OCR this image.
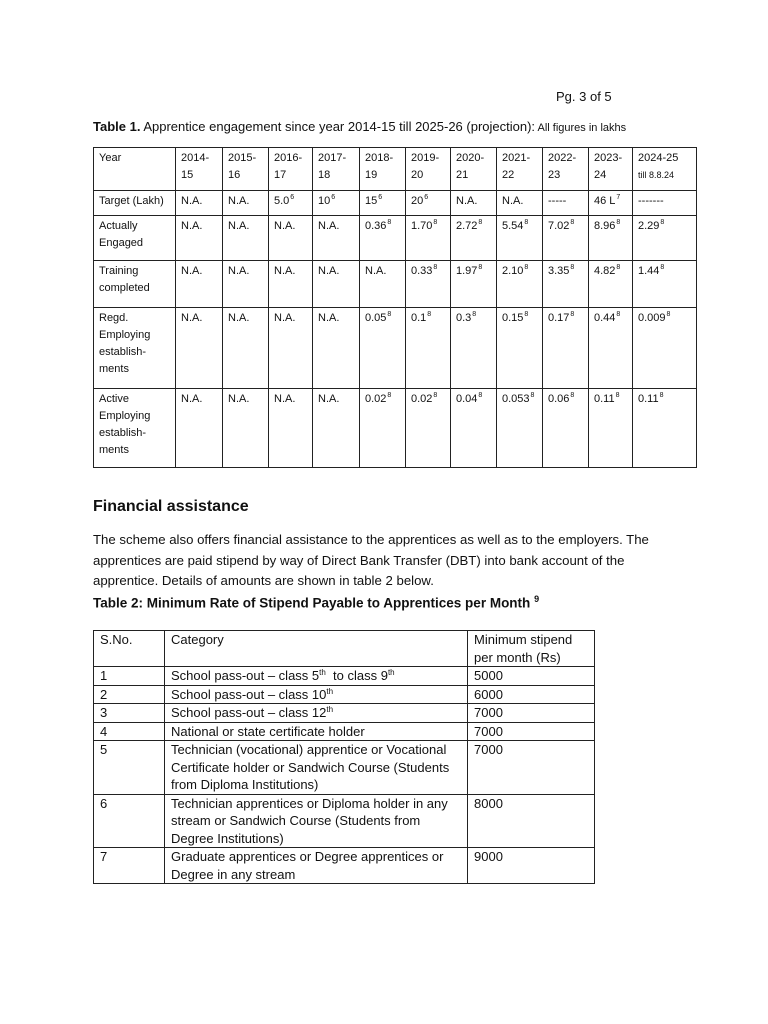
Pg. 3 of 5
Table 1. Apprentice engagement since year 2014-15 till 2025-26 (projection): All figures in lakhs
Year	2014-15	2015-16	2016-17	2017-18	2018-19	2019-20	2020-21	2021-22	2022-23	2023-24	2024-25
till 8.8.24
Target (Lakh)	N.A.	N.A.	$5.0^6$	$10^6$	$15^6$	$20^6$	N.A.	N.A.	-----	46 $L^7$	-------
Actually Engaged	N.A.	N.A.	N.A.	N.A.	0.36$^8$	1.70$^8$	2.72$^8$	5.54$^8$	7.02$^8$	8.96$^8$	2.29$^8$
Training completed	N.A.	N.A.	N.A.	N.A.	N.A.	0.33$^8$	1.97$^8$	2.10$^8$	3.35$^8$	4.82$^8$	1.44$^8$
Regd. Employing establish-ments	N.A.	N.A.	N.A.	N.A.	0.05$^8$	$0.1^8$	$0.3^8$	0.15$^8$	0.17$^8$	0.44$^8$	0.009$^8$
Active Employing establish-ments	N.A.	N.A.	N.A.	N.A.	0.02$^8$	0.02$^8$	0.04$^8$	0.053$^8$	0.06$^8$	0.11$^8$	0.11$^8$
Financial assistance
The scheme also offers financial assistance to the apprentices as well as to the employers. The apprentices are paid stipend by way of Direct Bank Transfer (DBT) into bank account of the apprentice. Details of amounts are shown in table 2 below.
Table 2: Minimum Rate of Stipend Payable to Apprentices per Month $^9$
S.No.	Category	Minimum stipend per month (Rs)
1	School pass-out – class 5th  to class 9th	5000
2	School pass-out – class 10th	6000
3	School pass-out – class 12th	7000
4	National or state certificate holder	7000
5	Technician (vocational) apprentice or Vocational Certificate holder or Sandwich Course (Students from Diploma Institutions)	7000
6	Technician apprentices or Diploma holder in any stream or Sandwich Course (Students from Degree Institutions)	8000
7	Graduate apprentices or Degree apprentices or Degree in any stream	9000
